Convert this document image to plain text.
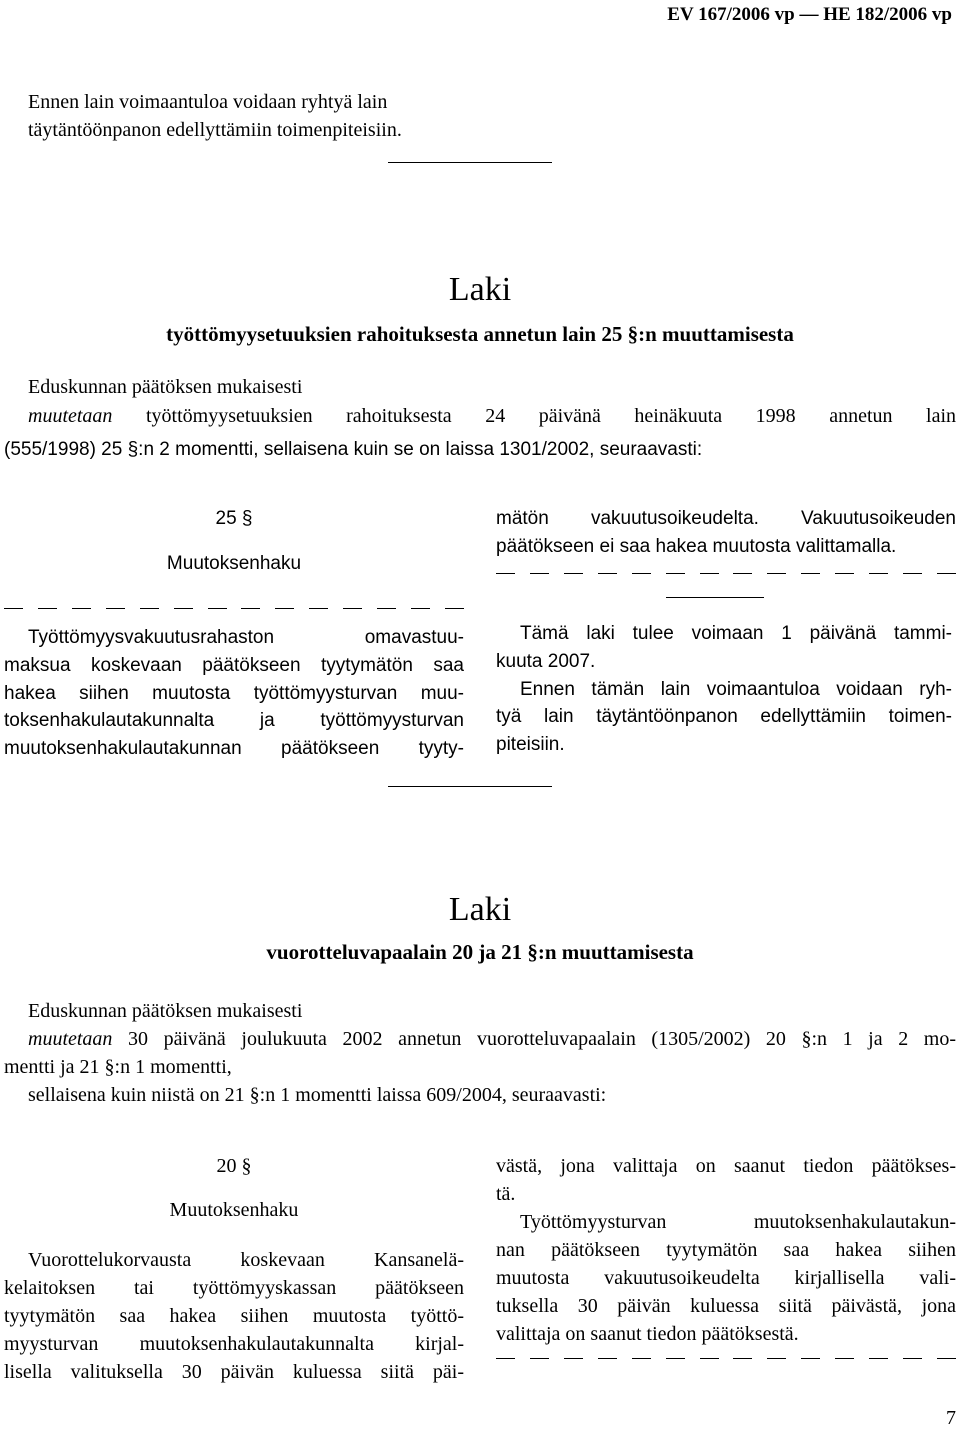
EV 167/2006 vp — HE 182/2006 vp
Ennen lain voimaantuloa voidaan ryhtyä lain
täytäntöönpanon edellyttämiin toimenpiteisiin.
Laki
työttömyysetuuksien rahoituksesta annetun lain 25 §:n muuttamisesta
Eduskunnan päätöksen mukaisesti
muutetaan työttömyysetuuksien rahoituksesta 24 päivänä heinäkuuta 1998 annetun lain
(555/1998) 25 §:n 2 momentti, sellaisena kuin se on laissa 1301/2002, seuraavasti:
25 §
Muutoksenhaku
Työttömyysvakuutusrahaston omavastuu-
maksua koskevaan päätökseen tyytymätön saa
hakea siihen muutosta työttömyysturvan muu-
toksenhakulautakunnalta ja työttömyysturvan
muutoksenhakulautakunnan päätökseen tyyty-
mätön vakuutusoikeudelta. Vakuutusoikeuden
päätökseen ei saa hakea muutosta valittamalla.
Tämä laki tulee voimaan 1 päivänä tammi-
kuuta 2007.
Ennen tämän lain voimaantuloa voidaan ryh-
tyä lain täytäntöönpanon edellyttämiin toimen-
piteisiin.
Laki
vuorotteluvapaalain 20 ja 21 §:n muuttamisesta
Eduskunnan päätöksen mukaisesti
muutetaan 30 päivänä joulukuuta 2002 annetun vuorotteluvapaalain (1305/2002) 20 §:n 1 ja 2 mo-
mentti ja 21 §:n 1 momentti,
sellaisena kuin niistä on 21 §:n 1 momentti laissa 609/2004, seuraavasti:
20 §
Muutoksenhaku
Vuorottelukorvausta koskevaan Kansanelä-
kelaitoksen tai työttömyyskassan päätökseen
tyytymätön saa hakea siihen muutosta työttö-
myysturvan muutoksenhakulautakunnalta kirjal-
lisella valituksella 30 päivän kuluessa siitä päi-
västä, jona valittaja on saanut tiedon päätökses-
tä.
Työttömyysturvan muutoksenhakulautakun-
nan päätökseen tyytymätön saa hakea siihen
muutosta vakuutusoikeudelta kirjallisella vali-
tuksella 30 päivän kuluessa siitä päivästä, jona
valittaja on saanut tiedon päätöksestä.
7
